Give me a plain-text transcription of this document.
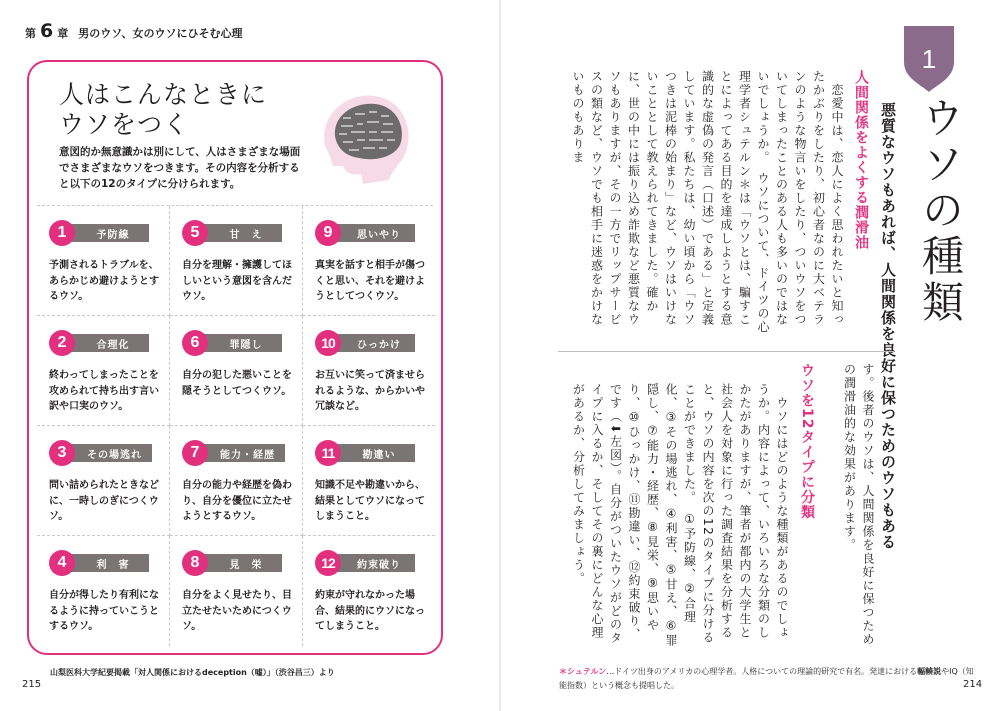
第 6 章 男のウソ、女のウソにひそむ心理
人はこんなときに
ウソをつく
意図的か無意識かは別にして、人はさまざまな場面でさまざまなウソをつきます。その内容を分析すると以下の12のタイプに分けられます。
1	予防線
予測されるトラブルを、あらかじめ避けようとするウソ。
5	甘　え
自分を理解・擁護してほしいという意図を含んだウソ。
9	思いやり
真実を話すと相手が傷つくと思い、それを避けようとしてつくウソ。
2	合理化
終わってしまったことを攻められて持ち出す言い訳や口実のウソ。
6	罪隠し
自分の犯した悪いことを隠そうとしてつくウソ。
10	ひっかけ
お互いに笑って済ませられるような、からかいや冗談など。
3	その場逃れ
問い詰められたときなどに、一時しのぎにつくウソ。
7	能力・経歴
自分の能力や経歴を偽わり、自分を優位に立たせようとするウソ。
11	勘違い
知識不足や勘違いから、結果としてウソになってしまうこと。
4	利　害
自分が得したり有利になるように持っていこうとするウソ。
8	見　栄
自分をよく見せたり、目立たせたいためにつくウソ。
12	約束破り
約束が守れなかった場合、結果的にウソになってしまうこと。
山梨医科大学紀要掲載「対人関係におけるdeception（嘘）」（渋谷昌三）より
215
1
ウソの種類
悪質なウソもあれば、人間関係を良好に保つためのウソもある
人間関係をよくする潤滑油
　恋愛中は、恋人によく思われたいと知ったかぶりをしたり、初心者なのに大ベテランのような物言いをしたり、ついウソをついてしまったことのある人も多いのではないでしょうか。　ウソについて、ドイツの心理学者シュテルン＊は「ウソとは、騙すことによってある目的を達成しようとする意識的な虚偽の発言（口述）である」と定義しています。私たちは、幼い頃から「ウソつきは泥棒の始まり」など、ウソはいけないこととして教えられてきました。確かに、世の中には振り込め詐欺など悪質なウソもありますが、その一方でリップサービスの類など、ウソでも相手に迷惑をかけないものもありま
す。後者のウソは、人間関係を良好に保つための潤滑油的な効果があります。
ウソを12タイプに分類
　ウソにはどのような種類があるのでしょうか。内容によって、いろいろな分類のしかたがありますが、筆者が都内の大学生と社会人を対象に行った調査結果を分析すると、ウソの内容を次の12のタイプに分けることができました。　①予防線、②合理化、③その場逃れ、④利害、⑤甘え、⑥罪隠し、⑦能力・経歴、⑧見栄、⑨思いやり、⑩ひっかけ、⑪勘違い、⑫約束破り、です（⬇左図）。自分がついたウソがどのタイプに入るか、そしてその裏にどんな心理があるか、分析してみましょう。
＊シュテルン…ドイツ出身のアメリカの心理学者。人格についての理論的研究で有名。発達における輻輳説やIQ（知能指数）という概念も提唱した。	214
